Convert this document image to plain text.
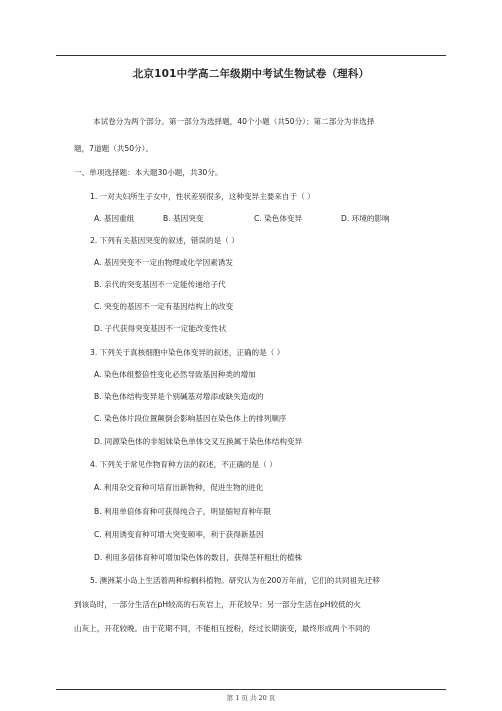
北京101中学高二年级期中考试生物试卷（理科）
本试卷分为两个部分。第一部分为选择题，40个小题（共50分）；第二部分为非选择
题，7道题（共50分）。
一、单项选择题：本大题30小题，共30分。
1. 一对夫妇所生子女中，性状差别很多，这种变异主要来自于（ ）
A. 基因重组	B. 基因突变	C. 染色体变异	D. 环境的影响
2. 下列有关基因突变的叙述，错误的是（ ）
A. 基因突变不一定由物理或化学因素诱发
B. 亲代的突变基因不一定能传递给子代
C. 突变的基因不一定有基因结构上的改变
D. 子代获得突变基因不一定能改变性状
3. 下列关于真核细胞中染色体变异的叙述，正确的是（ ）
A. 染色体组整倍性变化必然导致基因种类的增加
B. 染色体结构变异是个别碱基对增添或缺失造成的
C. 染色体片段位置颠倒会影响基因在染色体上的排列顺序
D. 同源染色体的非姐妹染色单体交叉互换属于染色体结构变异
4. 下列关于常见作物育种方法的叙述，不正确的是（ ）
A. 利用杂交育种可培育出新物种，促进生物的进化
B. 利用单倍体育种可获得纯合子，明显缩短育种年限
C. 利用诱变育种可增大突变频率，利于获得新基因
D. 利用多倍体育种可增加染色体的数目，获得茎秆粗壮的植株
5. 澳洲某小岛上生活着两种棕榈科植物。研究认为在200万年前，它们的共同祖先迁移
到该岛时，一部分生活在pH较高的石灰岩上，开花较早；另一部分生活在pH较低的火
山灰上，开花较晚。由于花期不同，不能相互授粉，经过长期演变，最终形成两个不同的
第 1 页 共 20 页
